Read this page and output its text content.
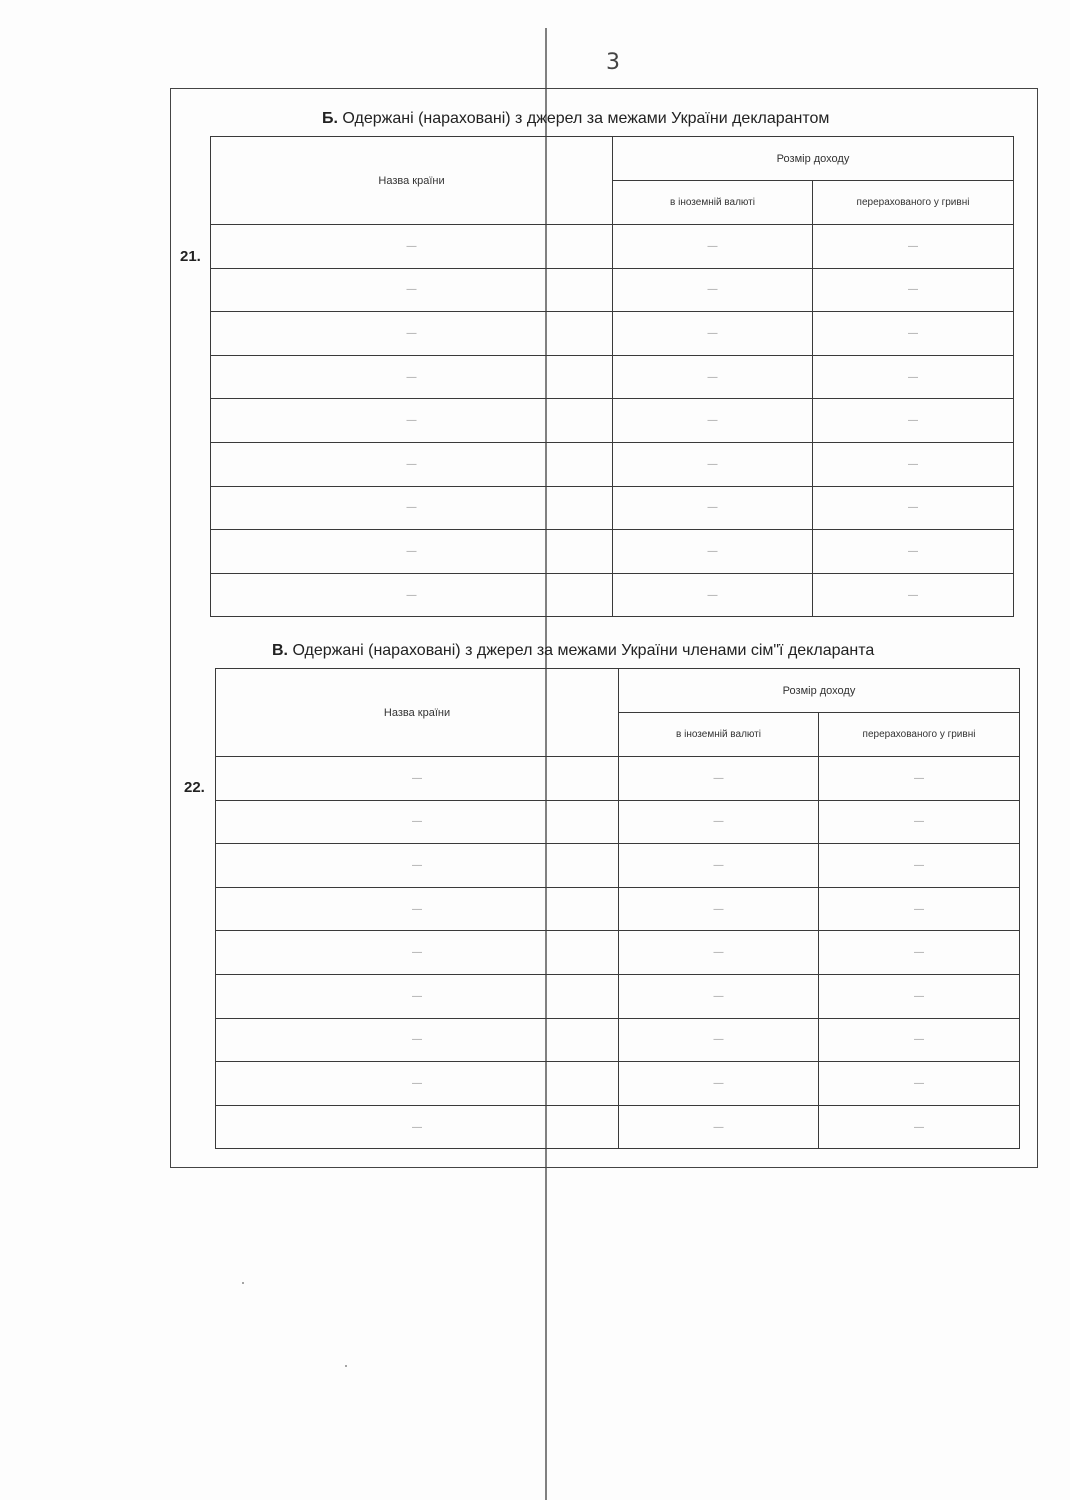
3
Б. Одержані (нараховані) з джерел за межами України декларантом
21.
Назва країни	Розмір доходу	
	в іноземній валюті	перерахованого у гривні
—	—	—
—	—	—
—	—	—
—	—	—
—	—	—
—	—	—
—	—	—
—	—	—
—	—	—
В. Одержані (нараховані) з джерел за межами України членами сім"ї декларанта
22.
Назва країни	Розмір доходу	
	в іноземній валюті	перерахованого у гривні
—	—	—
—	—	—
—	—	—
—	—	—
—	—	—
—	—	—
—	—	—
—	—	—
—	—	—
